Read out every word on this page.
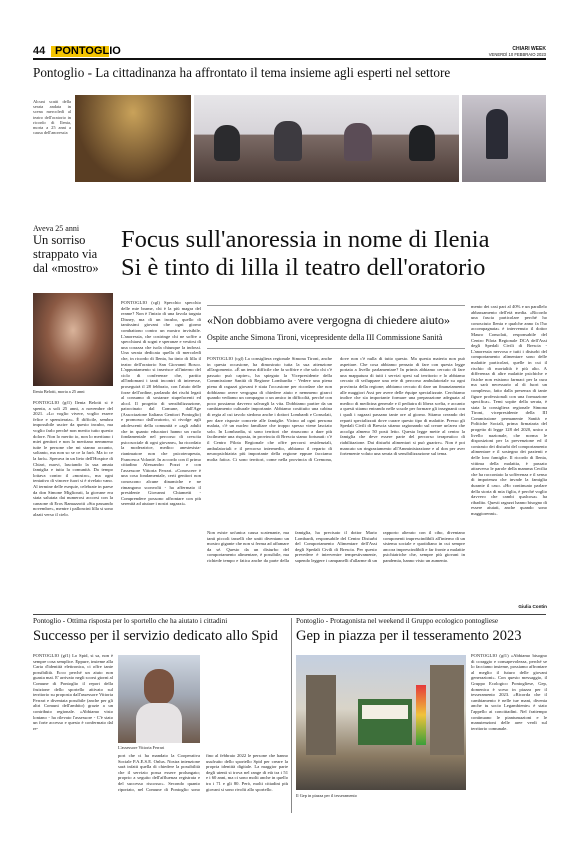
44 PONTOGLIO	CHIARI WEEK
VENERDÌ 10 FEBBRAIO 2023
Pontoglio - La cittadinanza ha affrontato il tema insieme agli esperti nel settore
Alcuni scatti della serata andata in scena mercoledì al teatro dell'oratorio in ricordo di Ilenia, morta a 25 anni a causa dell'anoressia
Aveva 25 anni
Un sorriso strappato via dal «mostro»
Ilenia Belotti, morta a 25 anni
PONTOGLIO (gf1) Ilenia Belotti si è spenta, a soli 25 anni, a novembre del 2021. «Lo voglio vivere, voglio essere felice e spensierata». È difficile, sembra impossibile uscire da questo incubo, ma voglio farlo perché non merito tutto questo dolore. Non lo merito io, non lo meritano i miei genitori e non lo meritano nemmeno tutte le persone che mi stanno accanto, soltanto, ma non so se ce la farò. Ma io ce la farò». Sperava in un lieto dell'Hospice di Chiari, nuovi, lasciando la sua amata famiglia e tutta la comunità. Da tempo lottava contro il «mostro», ma ogni tentativo di vincere fuori si è rivelato vano. Al termine delle esequie, celebrate in paese da don Simone Migliorati, la giovane era stata salutata dai numerosi accorsi con la canzone di Eros Ramazzotti «Sta passando novembre», mentre i palloncini lilla si sono alzati verso il cielo.
Focus sull'anoressia in nome di Ilenia
Si è tinto di lilla il teatro dell'oratorio
PONTOGLIO (cgl) Specchio specchio delle mie brame, chi è la più magra del reame? Non è l'inizio di una favola targata Disney, ma di un incubo, quello di tantissimi giovani che ogni giorno combattono contro un mostro invisibile. L'anoressia, che costringe chi ne soffre a specchiarsi di sogni e speranze e vestirsi di una corazza che isola chiunque la indossi. Una serata dedicata quella di mercoledì che, in ricordo di Ilenia, ha tinto di lilla il teatro dell'oratorio San Giovanni Bosco. L'appuntamento si inserisce all'interno del ciclo di conferenze che, partito all'indomani i tanti incontri di interesse, proseguirà il 28 febbraio, con l'aiuto delle forze dell'ordine, parlando dei rischi legati al consumo di sostanze stupefacenti ed alcol. Il progetto di sensibilizzazione, patrocinato dal Comune, dall'Age (Associazione Italiana Genitori Pontoglio) e promosso dall'oratorio, si rivolge agli adolescenti della comunità e «agli adulti che in quanto educatori hanno un ruolo fondamentale nel percorso di crescita psicosociale di ogni giovane», ha ricordato la moderatrice, medico anestesista-rianimatore non che psicoterapeuta, Francesca Volonté. In accordo con il primo cittadino Alessandro Pozzi e con l'assessore Vittoria Ferrari. «Conoscere è una cosa fondamentale, certi genitori non conoscono alcune dinamiche e ne rimangono sconvolti - ha affermato il presidente Giovanni Chiametti - Comprendere possono affrontare con più serenità ad aiutare i nostri ragazzi».
«Non dobbiamo avere vergogna di chiedere aiuto»
Ospite anche Simona Tironi, vicepresidente della III Commissione Sanità
PONTOGLIO (cgl) La consigliera regionale Simona Tironi, anche in questa occasione, ha dimostrato tutta la sua attenzione all'argomento. «È un tema difficile che fa soffrire e che solo chi c'è passato può capire», ha spiegato la Vicepresidente della Commissione Sanità di Regione Lombardia - Vedere una piena piena di ragazzi giovani è stata l'occasione per ricordare che non dobbiamo avere vergogna di chiedere aiuto e nemmeno girarci quando vediamo un compagno o un amico in difficoltà, perché con poco possiamo davvero salvargli la vita. Dobbiamo partire da un cambiamento culturale importante. Abbiamo costituito una cabina di regia al cui tavolo siedono anche i dottori Lombardi e Consolati, per dare risposte concrete alle famiglie. Vicino ad ogni persona malata, c'è un nucleo familiare che troppo spesso viene lasciato solo. In Lombardia, si sono territori che rinascono a dare più facilmente una risposta, in provincia di Brescia siamo fortunati: c'è il Centro Pilota Regionale che offre percorsi residenziali, ambulatoriali e il percorso intermedio, abbiamo il reparto di neuropsichiatria più importante della regione eppure facciamo molta fatica. Ci sono territori, come nella provincia di Cremona, dove non c'è nulla di tutto questo. Ma questa materia non può aspettare. Che cosa abbiamo pensato di fare con questa legge portata a livello parlamentare? In primis abbiamo cercato di fare una mappatura di tutti i servizi spesi sul territorio e lo abbiamo cercato di sviluppare una rete di percorso ambulatoriale su ogni provincia della regione; abbiamo cercato di dare un finanziamento alle maggiori Asst per avere delle équipe specializzate. Cerchiamo inoltre che sia importante formare una preparazione adeguata al medico di medicina generale e il pediatra di libera scelta, e accanto a questi stiamo entrando nelle scuole per formare gli insegnanti con i quali i ragazzi passano tante ore al giorno. Stiamo creando dei reparti specializzati dove curare questo tipo di malattie. Presso gli Spedali Civili di Brescia stiamo ragionando sul creare un'area che accolga almeno 50 posti letto. Questa legge mette al centro la famiglia che deve essere parte del percorso terapeutico di riabilitazione. Dai disturbi alimentari si può guarire». Non è poi mancato un ringraziamento all'Amministrazione e al don per aver fortemente voluto una serata di sensibilizzazione sul tema.
Non esiste un'unica causa scatenante, ma tanti piccoli tasselli che uniti diventano un mostro gigante che non si ferma ad affamare da sé. Questo da un disturbo del comportamento alimentare, è possibile, ma richiede tempo e fatica anche da parte della famiglia, ha precisato il dottor Mario Lombardi, responsabile del Centro Disturbi del Comportamento Alimentare dell'Asst degli Spedali Civili di Brescia. Per questo prevedere è intervenire tempestivamente, sapendo leggere i campanelli d'allarme di un rapporto alterato con il cibo, diventano componenti imprescindibili all'interno di un sistema sociale e quotidiano in cui sempre ancora imprescindibili e far fronte a malattie psichiatriche che, sempre più giovani in pandemia, hanno visto un aumento.
mento dei casi pari al 40% e un parallelo abbassamento dell'età media. «Ricordo una fascia particolare perché ho conosciuto Ilenia e qualche anno fa l'ho accompagnata» è intervenuto il dottor Mauro Consolati, responsabile del Centro Pilota Regionale DCA dell'Asst degli Spedali Civili di Brescia - L'anoressia nervosa e tutti i disturbi del comportamento alimentare sono delle malattie particolari, quelle in cui il rischio di mortalità è più alto. A differenza di altre malattie psichiche e fisiche non esistono farmaci per la cura ma sarà necessario al di fuori un complesso, fatto dalla presenza di tante figure professionali con una formazione specifica». Temi sopite della serata, è stata la consigliera regionale Simona Tironi, vicepresidente della III Commissione permanente Sanità e Politiche Sociali, prima firmataria del progetto di legge 128 del 2020, unico a livello nazionale, che norma le disposizioni per la prevenzione ed il contrasto dei disturbi del comportamento alimentare e il sostegno dei pazienti e delle loro famiglie. Il ricordo di Ilenia, vittima della malattia, è passato attraverso le parole della mamma Cecilia che ha raccontato la sofferenza e il senso di impotenza che invade la famiglia durante il caso. «Ho continuato parlare della storia di mia figlia, è perché voglio davvero che cambi qualcosa» ha ribadito. Questi ragazzi hanno bisogno di essere aiutati, anche quando sono maggiorenni».
Giulia Contin
Pontoglio - Ottima risposta per lo sportello che ha aiutato i cittadini
Successo per il servizio dedicato allo Spid
PONTOGLIO (gf1) Lo Spid, si sa, non è sempre cosa semplice. Eppure, insieme alla Carta d'identità elettronica, ci offre tante possibilità. Ecco perché un aiuto non guasta mai. E' arrivato negli scorsi giorni al Comune di Pontoglio il report della fruizione dello sportello attivato sul territorio su proposta dall'assessore Vittoria Ferrari e diventata possibile (anche per gli altri Comuni dell'ambito) grazie a un contributo regionale. «Abbiamo visto lontano - ha rilevato l'assessore - C'è stato un forte accesso e questo è confermato dal re-
L'assessore Vittoria Ferrari
port che ci ha mandato la Cooperativa Sociale P.A.E.S.E. Onlus. Nostra intenzione sarà infatti quella di chiedere la possibilità che il servizio possa essere prolungato; proprio a seguito dell'affluenza registrata e del successo riscosso». Secondo quanto riportato, nel Comune di Pontoglio sono fino al febbraio 2022 le persone che hanno usufruito dello sportello Spid per creare la propria identità digitale. La maggior parte degli utenti si trova nel range di età tra i 51 e i 60 anni, ma ci sono molti anche in quello tra i 71 e gli 80. Però, molti cittadini più giovani si sono rivolti allo sportello.
Pontoglio - Protagonista nel weekend il Gruppo ecologico pontogliese
Gep in piazza per il tesseramento 2023
Il Gep in piazza per il tesseramento
PONTOGLIO (gf1) «Abbiamo bisogno di coraggio e consapevolezza, perché se lo facciamo insieme, possiamo affrontare al meglio il futuro delle giovani generazioni». Con questo messaggio, il Gruppo Ecologico Pontogliese, Gep, domenica è sceso in piazza per il tesseramento 2023. «Ricorda che il cambiamento è nelle tue mani, diventa anche tu socio Legambiente» è stato l'appello ai concittadini. Nel frattempo continuano le piantumazioni e le manutenzioni delle aree verdi sul territorio comunale.
